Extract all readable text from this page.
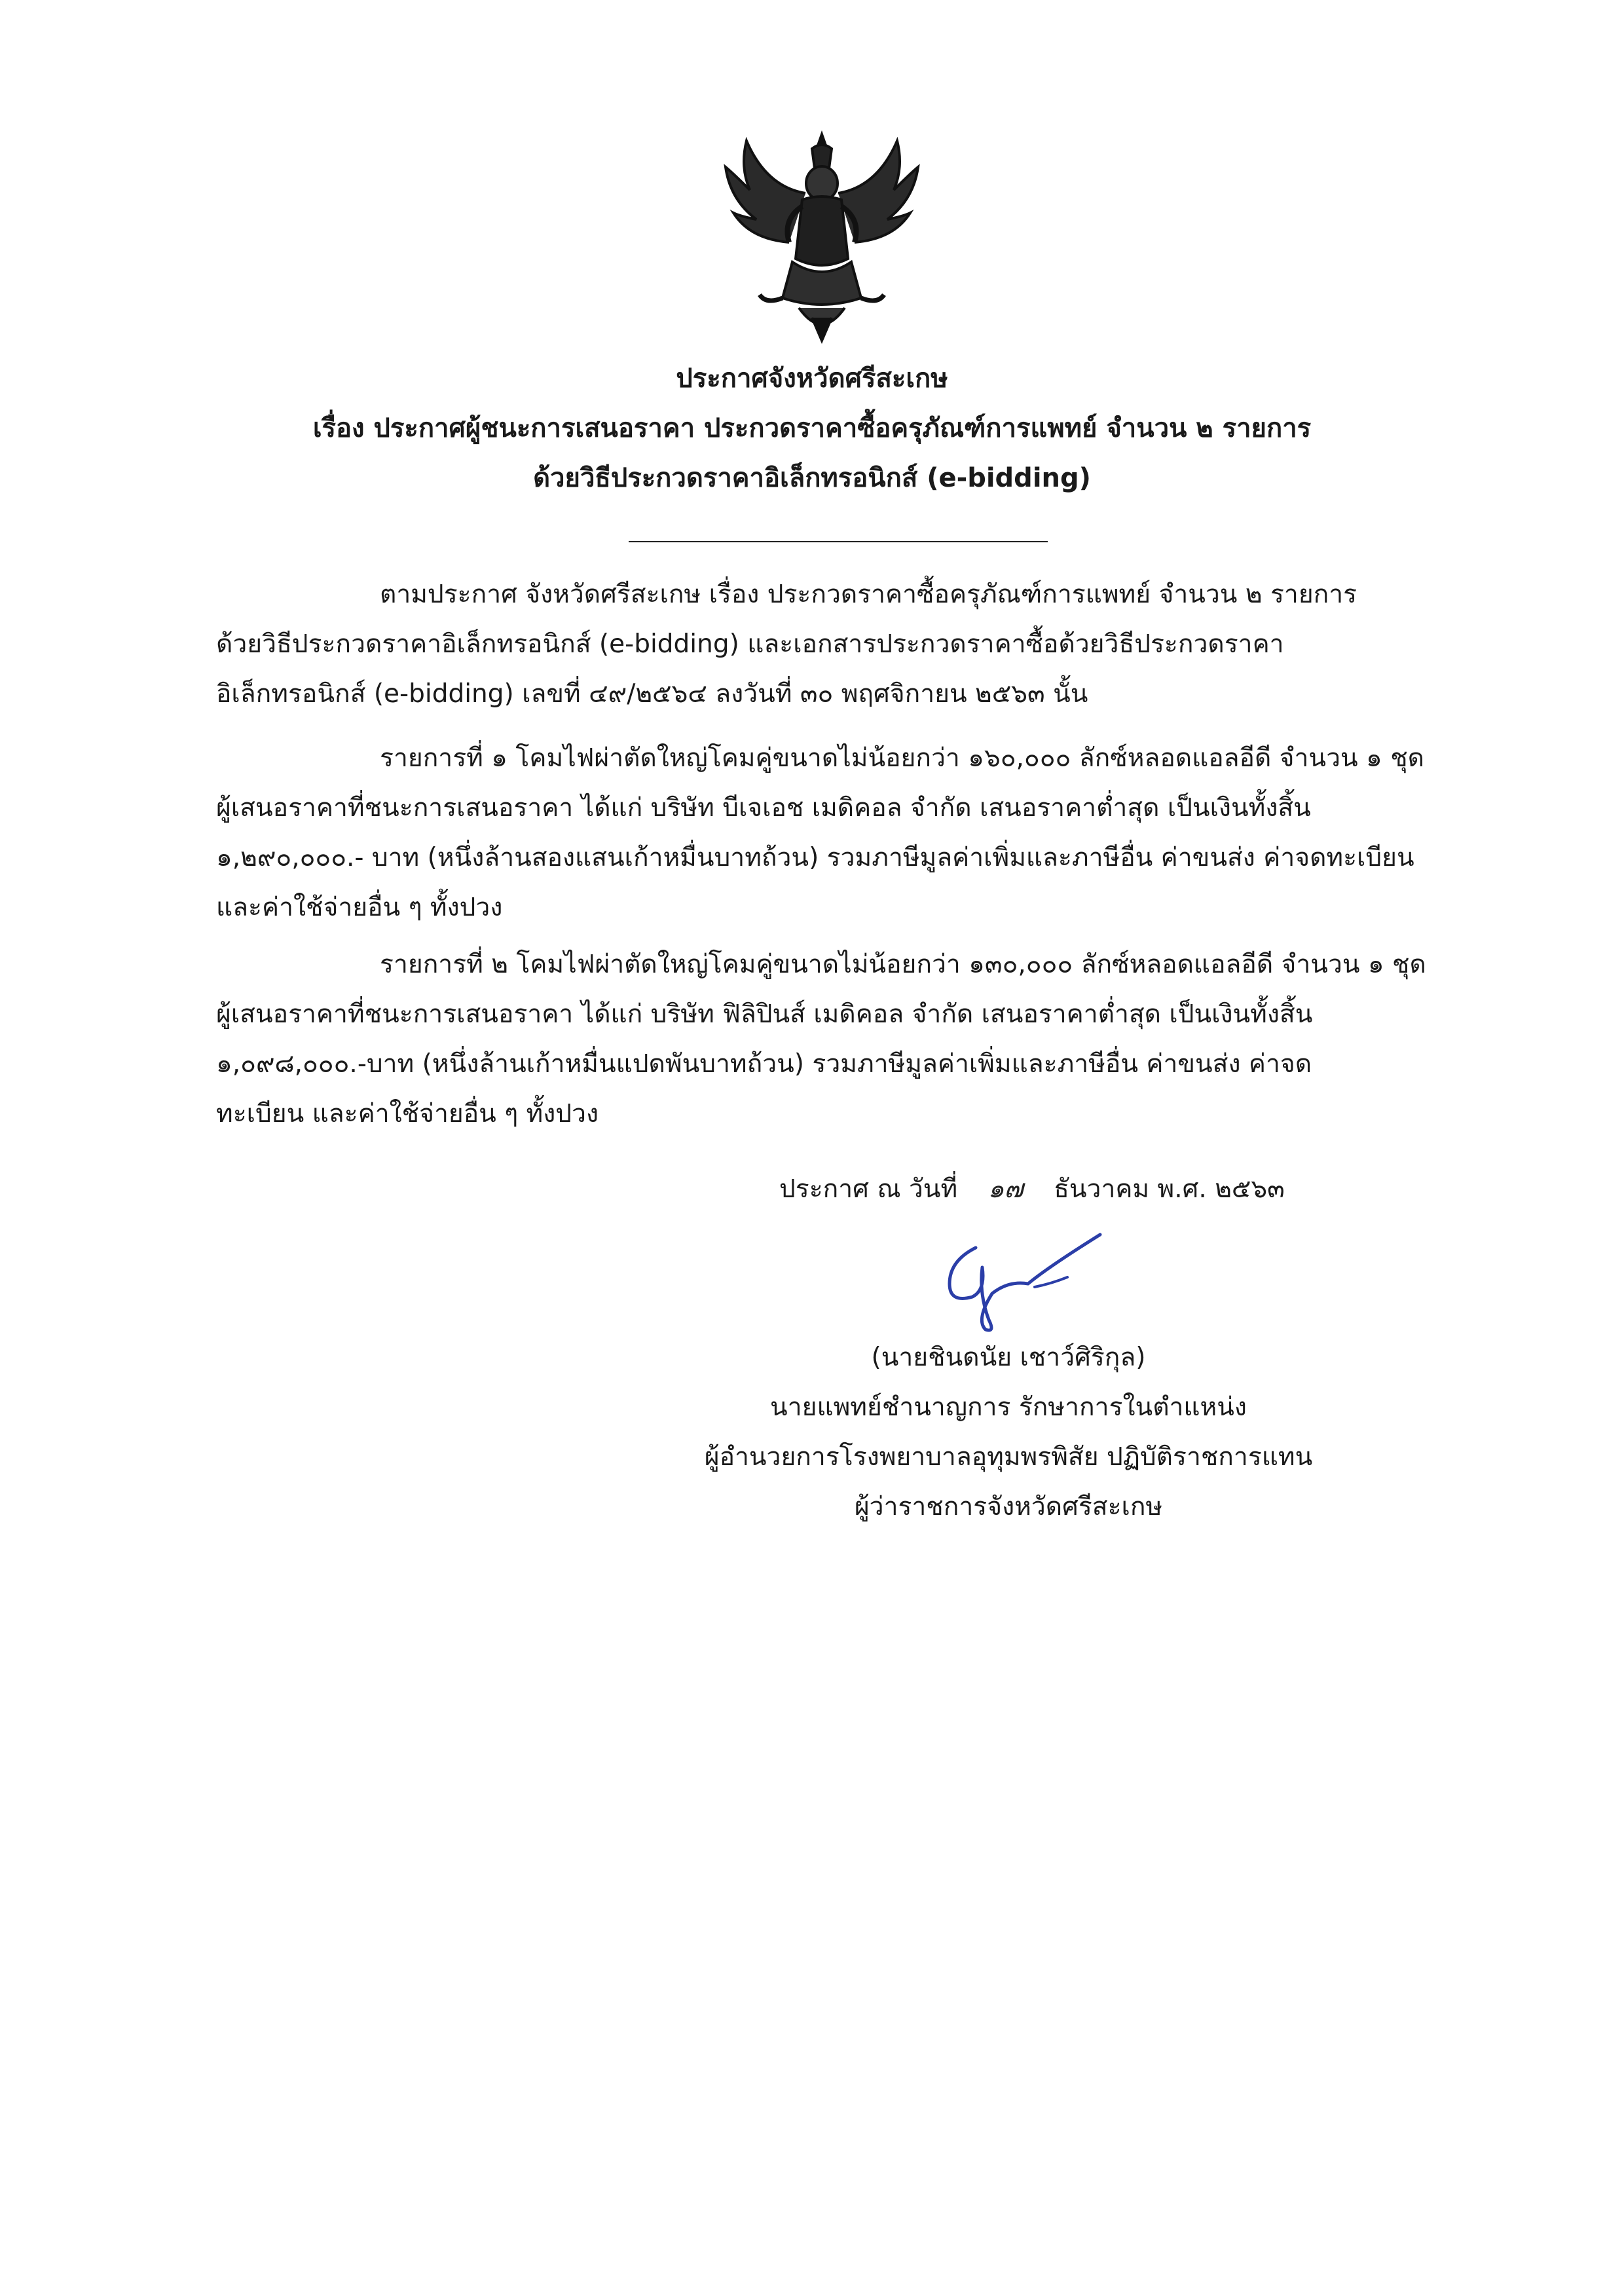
ประกาศจังหวัดศรีสะเกษ
เรื่อง ประกาศผู้ชนะการเสนอราคา ประกวดราคาซื้อครุภัณฑ์การแพทย์ จำนวน ๒ รายการ
ด้วยวิธีประกวดราคาอิเล็กทรอนิกส์ (e-bidding)
ตามประกาศ จังหวัดศรีสะเกษ เรื่อง ประกวดราคาซื้อครุภัณฑ์การแพทย์ จำนวน ๒ รายการ
ด้วยวิธีประกวดราคาอิเล็กทรอนิกส์ (e-bidding) และเอกสารประกวดราคาซื้อด้วยวิธีประกวดราคา
อิเล็กทรอนิกส์ (e-bidding) เลขที่ ๔๙/๒๕๖๔ ลงวันที่ ๓๐ พฤศจิกายน ๒๕๖๓ นั้น
รายการที่ ๑ โคมไฟผ่าตัดใหญ่โคมคู่ขนาดไม่น้อยกว่า ๑๖๐,๐๐๐ ลักซ์หลอดแอลอีดี จำนวน ๑ ชุด
ผู้เสนอราคาที่ชนะการเสนอราคา ได้แก่ บริษัท บีเจเอช เมดิคอล จำกัด เสนอราคาต่ำสุด เป็นเงินทั้งสิ้น
๑,๒๙๐,๐๐๐.- บาท (หนึ่งล้านสองแสนเก้าหมื่นบาทถ้วน) รวมภาษีมูลค่าเพิ่มและภาษีอื่น ค่าขนส่ง ค่าจดทะเบียน
และค่าใช้จ่ายอื่น ๆ ทั้งปวง
รายการที่ ๒ โคมไฟผ่าตัดใหญ่โคมคู่ขนาดไม่น้อยกว่า ๑๓๐,๐๐๐ ลักซ์หลอดแอลอีดี จำนวน ๑ ชุด
ผู้เสนอราคาที่ชนะการเสนอราคา ได้แก่ บริษัท ฟิลิปินส์ เมดิคอล จำกัด เสนอราคาต่ำสุด เป็นเงินทั้งสิ้น
๑,๐๙๘,๐๐๐.-บาท (หนึ่งล้านเก้าหมื่นแปดพันบาทถ้วน) รวมภาษีมูลค่าเพิ่มและภาษีอื่น ค่าขนส่ง ค่าจด
ทะเบียน และค่าใช้จ่ายอื่น ๆ ทั้งปวง
ประกาศ ณ วันที่ ๑๗ ธันวาคม พ.ศ. ๒๕๖๓
(นายชินดนัย เชาว์ศิริกุล)
นายแพทย์ชำนาญการ รักษาการในตำแหน่ง
ผู้อำนวยการโรงพยาบาลอุทุมพรพิสัย ปฏิบัติราชการแทน
ผู้ว่าราชการจังหวัดศรีสะเกษ
